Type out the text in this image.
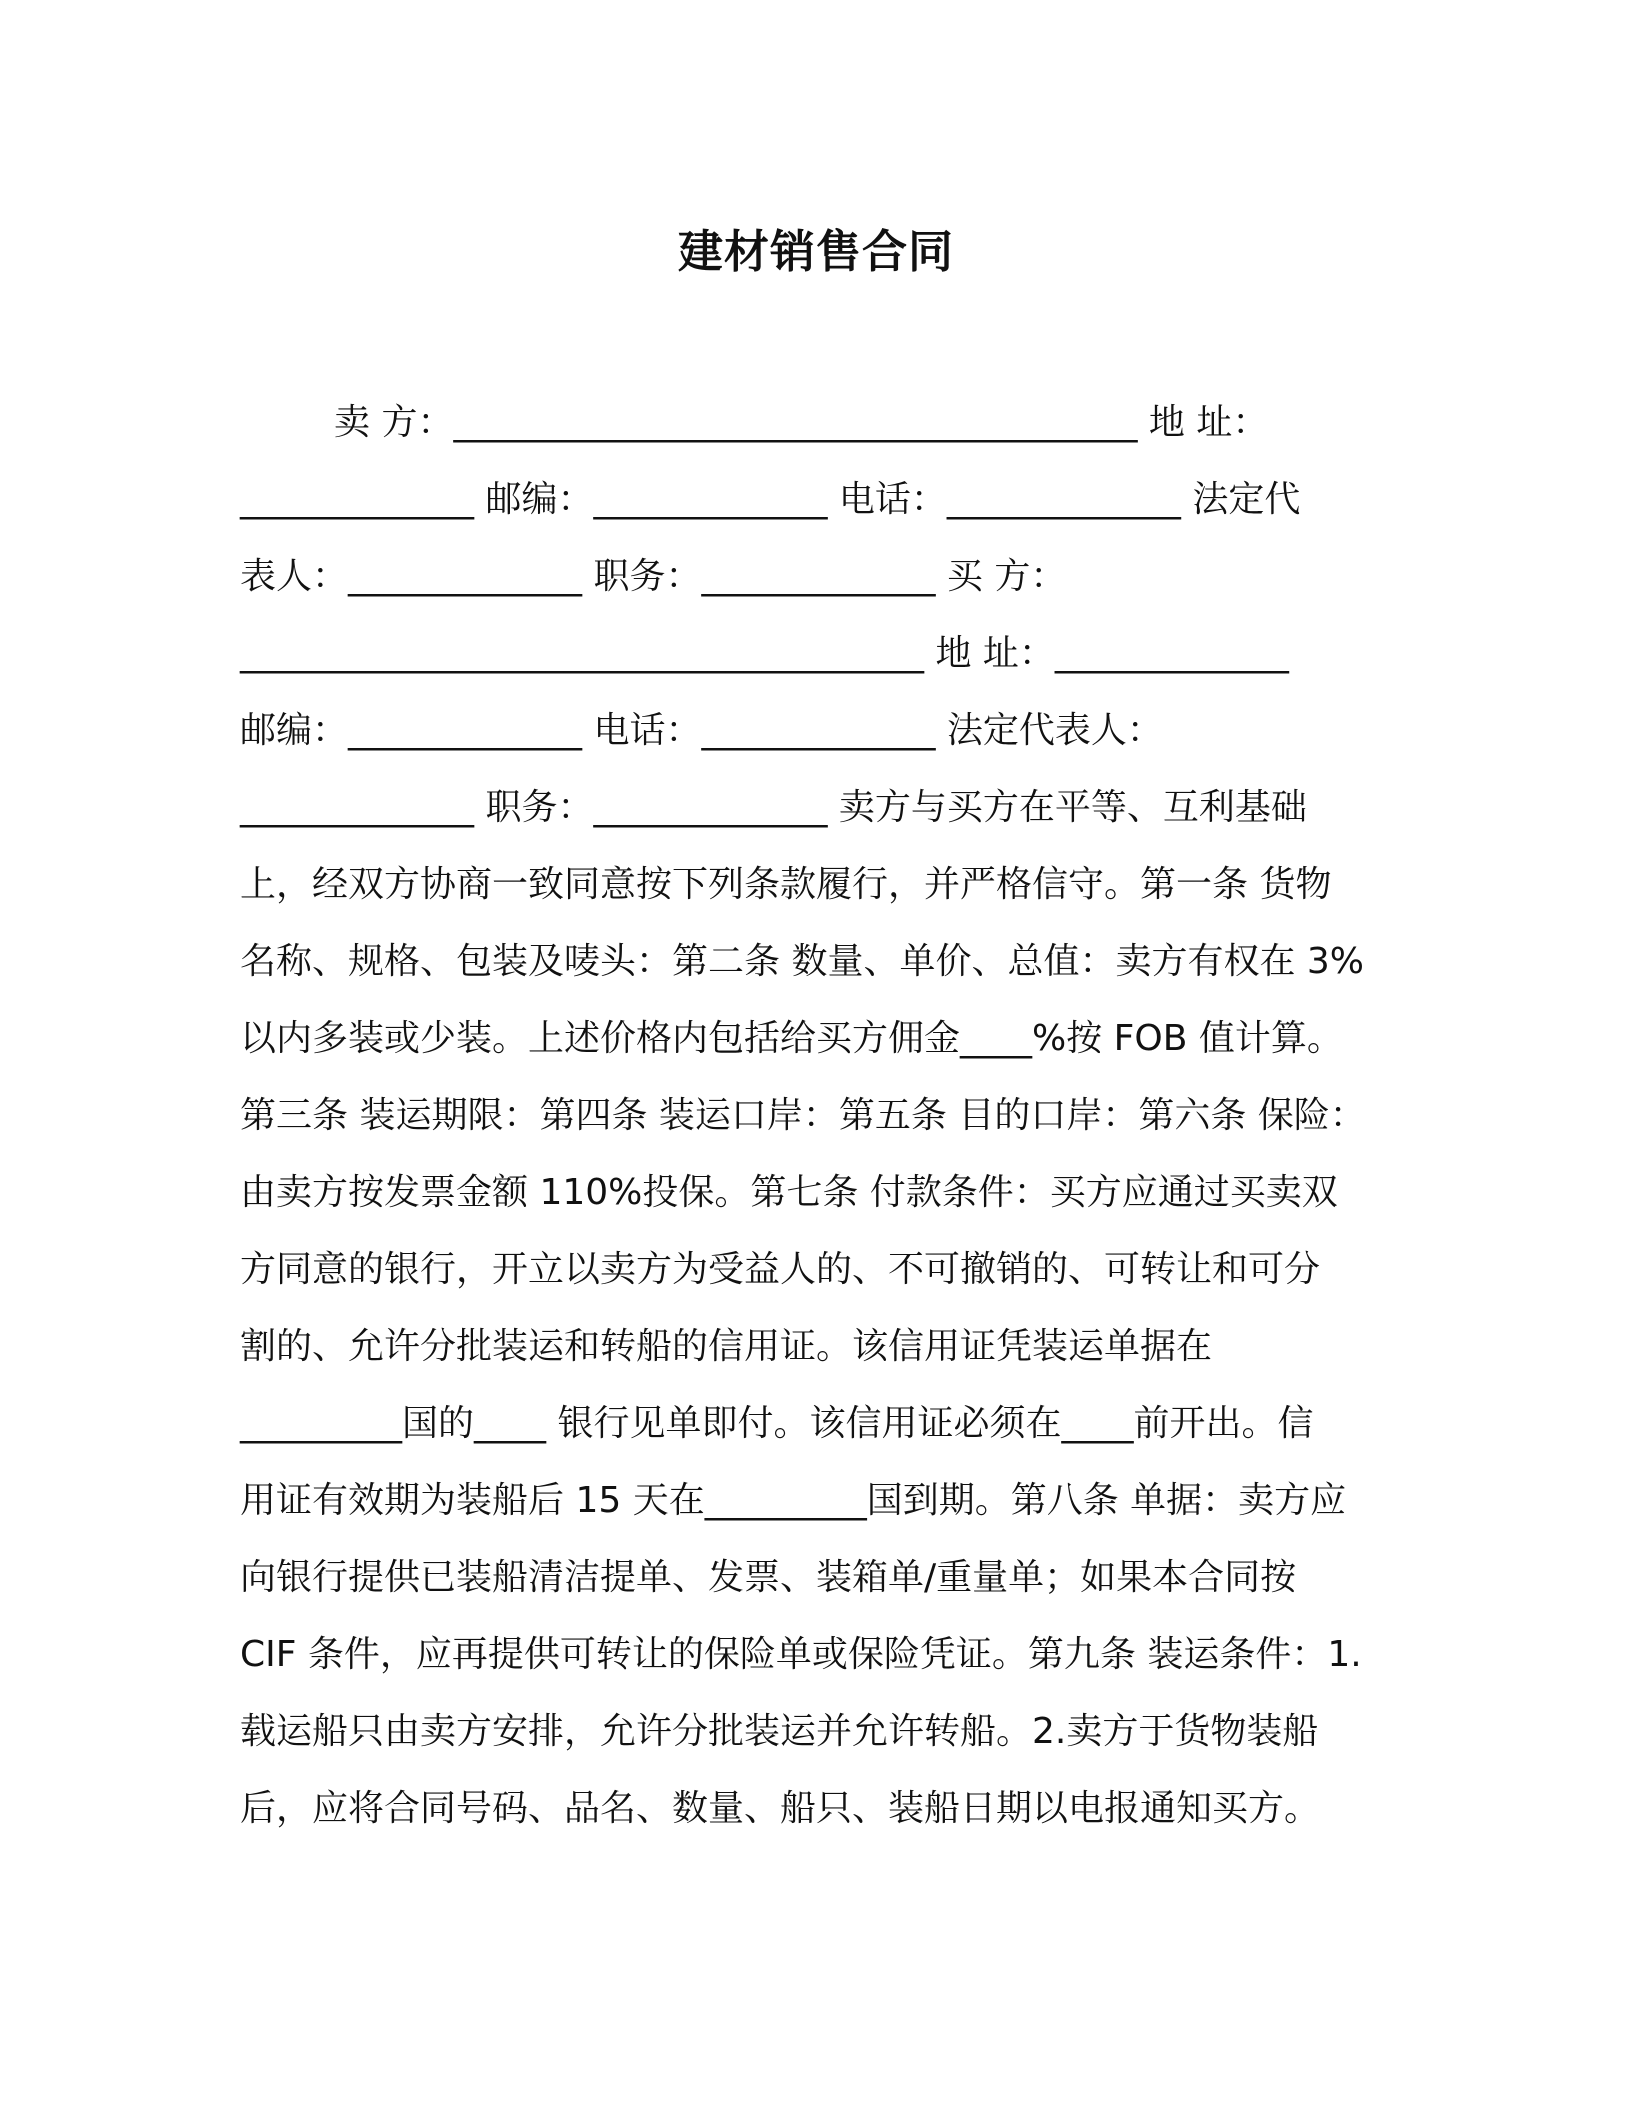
建材销售合同
卖 方：______________________________________ 地 址：
_____________ 邮编：_____________ 电话：_____________ 法定代
表人：_____________ 职务：_____________ 买 方：
______________________________________ 地 址：_____________
邮编：_____________ 电话：_____________ 法定代表人：
_____________ 职务：_____________ 卖方与买方在平等、互利基础
上，经双方协商一致同意按下列条款履行，并严格信守。第一条 货物
名称、规格、包装及唛头：第二条 数量、单价、总值：卖方有权在 3%
以内多装或少装。上述价格内包括给买方佣金____%按 FOB 值计算。
第三条 装运期限：第四条 装运口岸：第五条 目的口岸：第六条 保险：
由卖方按发票金额 110%投保。第七条 付款条件：买方应通过买卖双
方同意的银行，开立以卖方为受益人的、不可撤销的、可转让和可分
割的、允许分批装运和转船的信用证。该信用证凭装运单据在
_________国的____ 银行见单即付。该信用证必须在____前开出。信
用证有效期为装船后 15 天在_________国到期。第八条 单据：卖方应
向银行提供已装船清洁提单、发票、装箱单/重量单；如果本合同按
CIF 条件，应再提供可转让的保险单或保险凭证。第九条 装运条件：1.
载运船只由卖方安排，允许分批装运并允许转船。2.卖方于货物装船
后，应将合同号码、品名、数量、船只、装船日期以电报通知买方。
